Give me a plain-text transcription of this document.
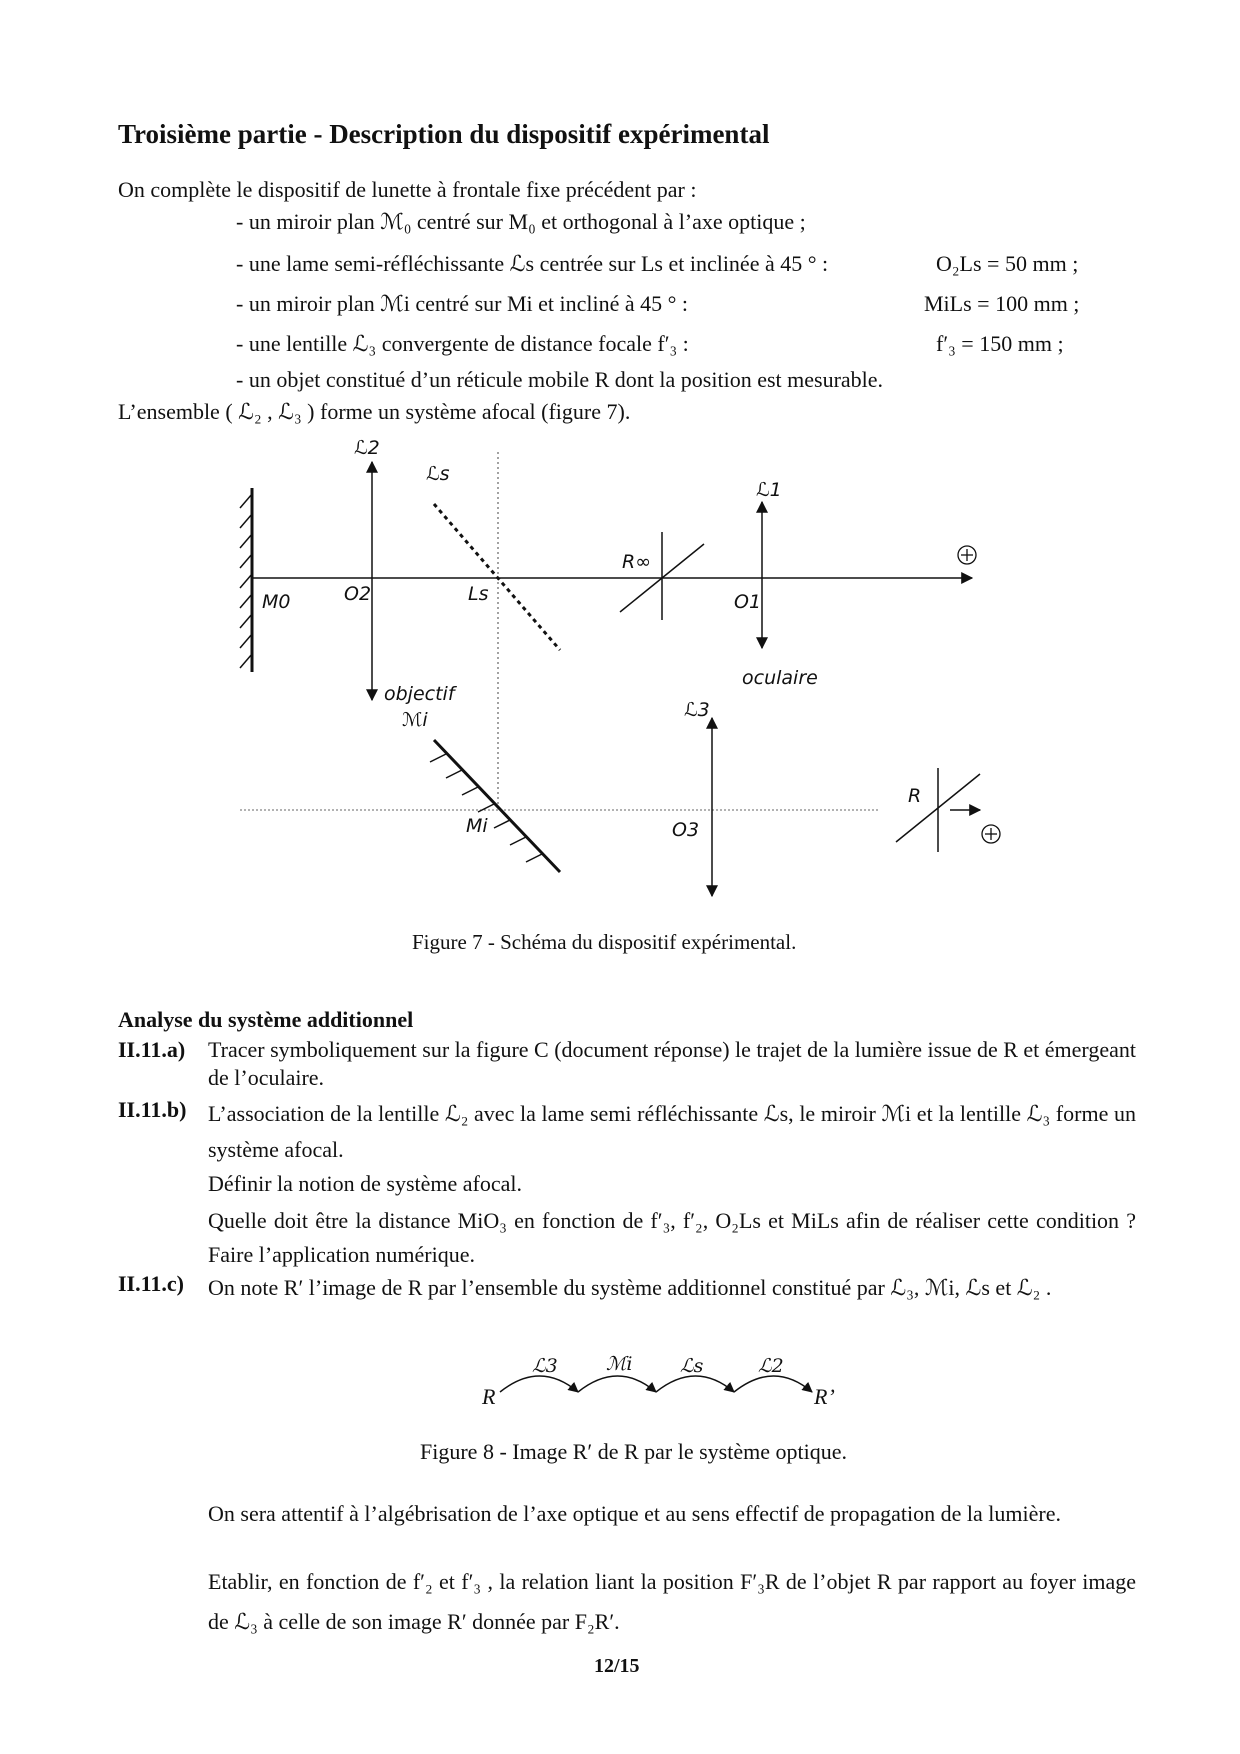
Troisième partie - Description du dispositif expérimental
On complète le dispositif de lunette à frontale fixe précédent par :
- un miroir plan ℳ₀ centré sur M₀ et orthogonal à l’axe optique ;
- une lame semi-réfléchissante ℒs centrée sur Ls et inclinée à 45 ° :	O₂Ls = 50 mm ;
- un miroir plan ℳi centré sur Mi et incliné à 45 ° :	MiLs = 100 mm ;
- une lentille ℒ₃ convergente de distance focale f′₃ :	f′₃ = 150 mm ;
- un objet constitué d’un réticule mobile R dont la position est mesurable.
L’ensemble ( ℒ₂ , ℒ₃ ) forme un système afocal (figure 7).
ℒ2
ℒs
ℒ1
R∞
M0	O2	Ls	O1
oculaire
objectif
ℳi	ℒ3
R
Mi	O3
Figure 7 - Schéma du dispositif expérimental.
Analyse du système additionnel
II.11.a) Tracer symboliquement sur la figure C (document réponse) le trajet de la lumière issue de R et émergeant de l’oculaire.
II.11.b) L’association de la lentille ℒ₂ avec la lame semi réfléchissante ℒs, le miroir ℳi et la lentille ℒ₃ forme un système afocal.
Définir la notion de système afocal.
Quelle doit être la distance MiO₃ en fonction de f′₃, f′₂, O₂Ls et MiLs afin de réaliser cette condition ? Faire l’application numérique.
II.11.c) On note R′ l’image de R par l’ensemble du système additionnel constitué par ℒ₃, ℳi, ℒs et ℒ₂ .
ℒ3	ℳi	ℒs	ℒ2
R	R’
Figure 8 - Image R′ de R par le système optique.
On sera attentif à l’algébrisation de l’axe optique et au sens effectif de propagation de la lumière.
Etablir, en fonction de f′₂ et f′₃ , la relation liant la position F′₃R de l’objet R par rapport au foyer image de ℒ₃ à celle de son image R′ donnée par F₂R′.
12/15
